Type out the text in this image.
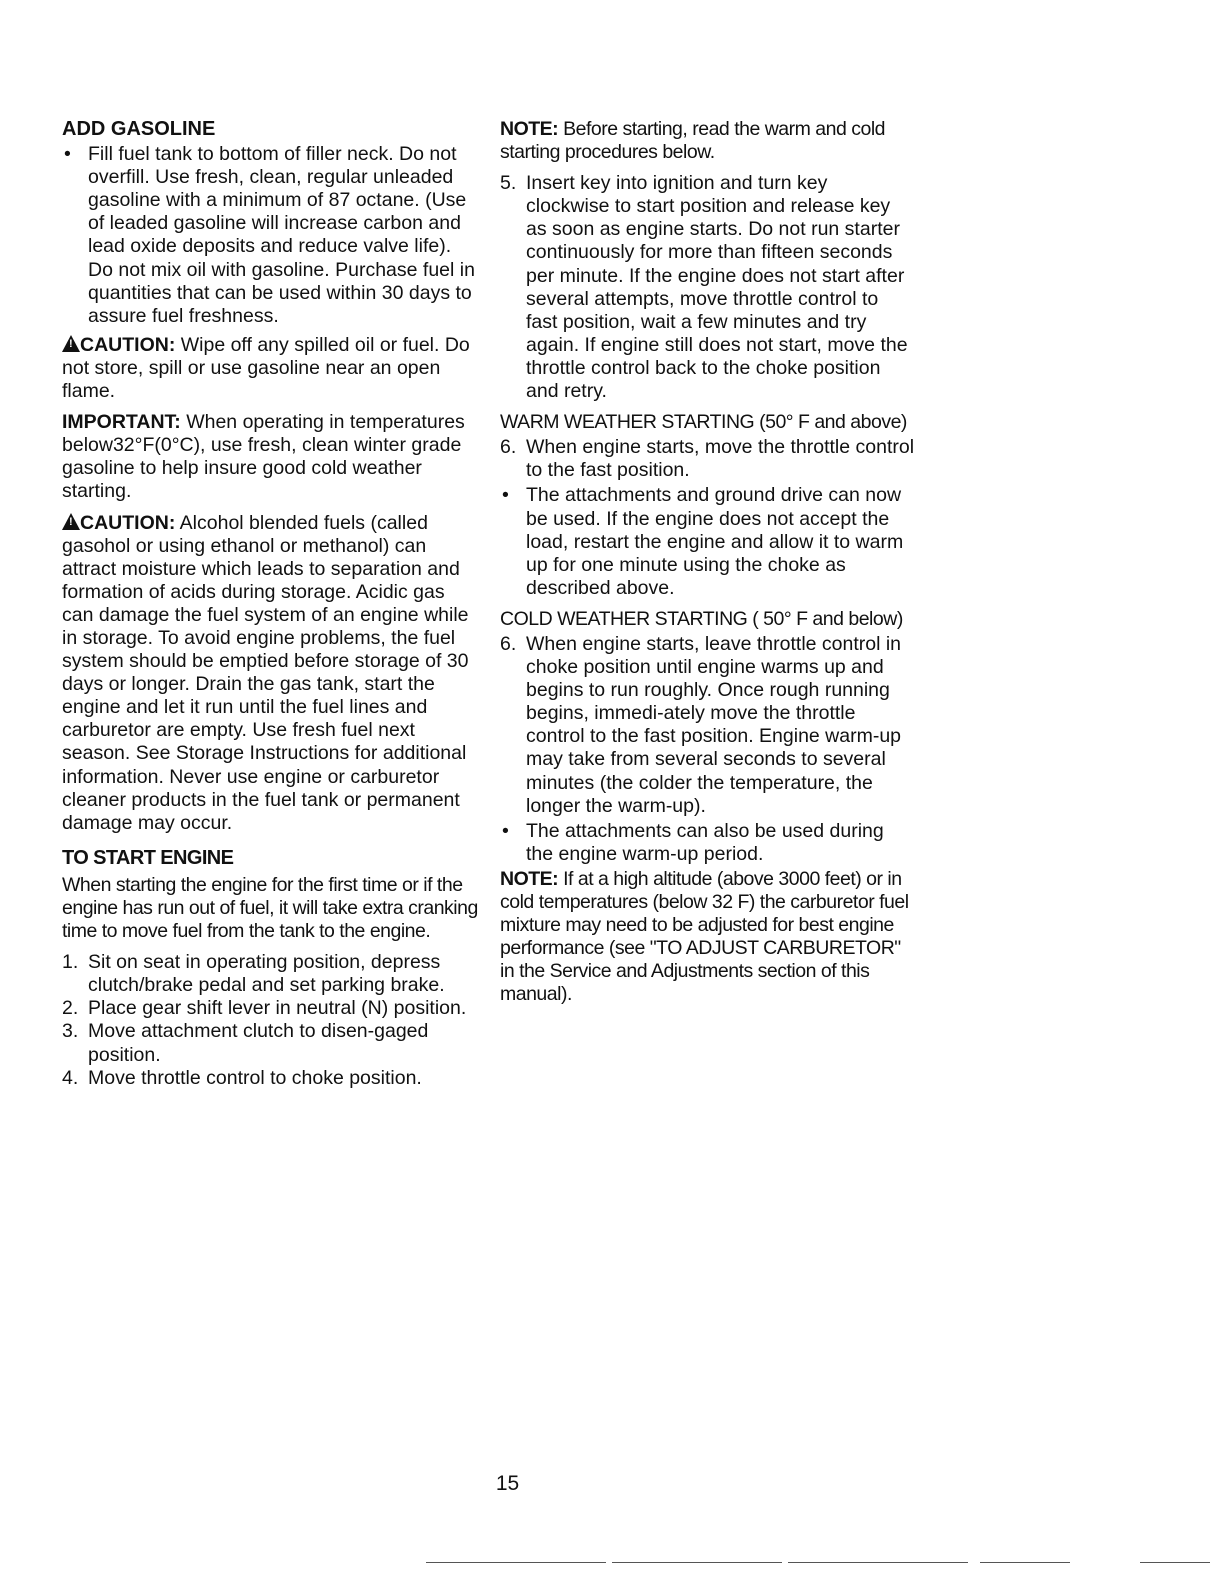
ADD GASOLINE
• Fill fuel tank to bottom of filler neck. Do not overfill. Use fresh, clean, regular unleaded gasoline with a minimum of 87 octane. (Use of leaded gasoline will increase carbon and lead oxide deposits and reduce valve life). Do not mix oil with gasoline. Purchase fuel in quantities that can be used within 30 days to assure fuel freshness.
!CAUTION: Wipe off any spilled oil or fuel. Do not store, spill or use gasoline near an open flame.
IMPORTANT: When operating in temperatures below32°F(0°C), use fresh, clean winter grade gasoline to help insure good cold weather starting.
!CAUTION: Alcohol blended fuels (called gasohol or using ethanol or methanol) can attract moisture which leads to separation and formation of acids during storage. Acidic gas can damage the fuel system of an engine while in storage. To avoid engine problems, the fuel system should be emptied before storage of 30 days or longer. Drain the gas tank, start the engine and let it run until the fuel lines and carburetor are empty. Use fresh fuel next season. See Storage Instructions for additional information. Never use engine or carburetor cleaner products in the fuel tank or permanent damage may occur.
TO START ENGINE
When starting the engine for the first time or if the engine has run out of fuel, it will take extra cranking time to move fuel from the tank to the engine.
1. Sit on seat in operating position, depress clutch/brake pedal and set parking brake.
2. Place gear shift lever in neutral (N) position.
3. Move attachment clutch to disen-gaged position.
4. Move throttle control to choke position.
NOTE: Before starting, read the warm and cold starting procedures below.
5. Insert key into ignition and turn key clockwise to start position and release key as soon as engine starts. Do not run starter continuously for more than fifteen seconds per minute. If the engine does not start after several attempts, move throttle control to fast position, wait a few minutes and try again. If engine still does not start, move the throttle control back to the choke position and retry.
WARM WEATHER STARTING (50° F and above)
6. When engine starts, move the throttle control to the fast position.
• The attachments and ground drive can now be used. If the engine does not accept the load, restart the engine and allow it to warm up for one minute using the choke as described above.
COLD WEATHER STARTING ( 50° F and below)
6. When engine starts, leave throttle control in choke position until engine warms up and begins to run roughly. Once rough running begins, immedi-ately move the throttle control to the fast position. Engine warm-up may take from several seconds to several minutes (the colder the temperature, the longer the warm-up).
• The attachments can also be used during the engine warm-up period.
NOTE: If at a high altitude (above 3000 feet) or in cold temperatures (below 32 F) the carburetor fuel mixture may need to be adjusted for best engine performance (see "TO ADJUST CARBURETOR" in the Service and Adjustments section of this manual).
15
